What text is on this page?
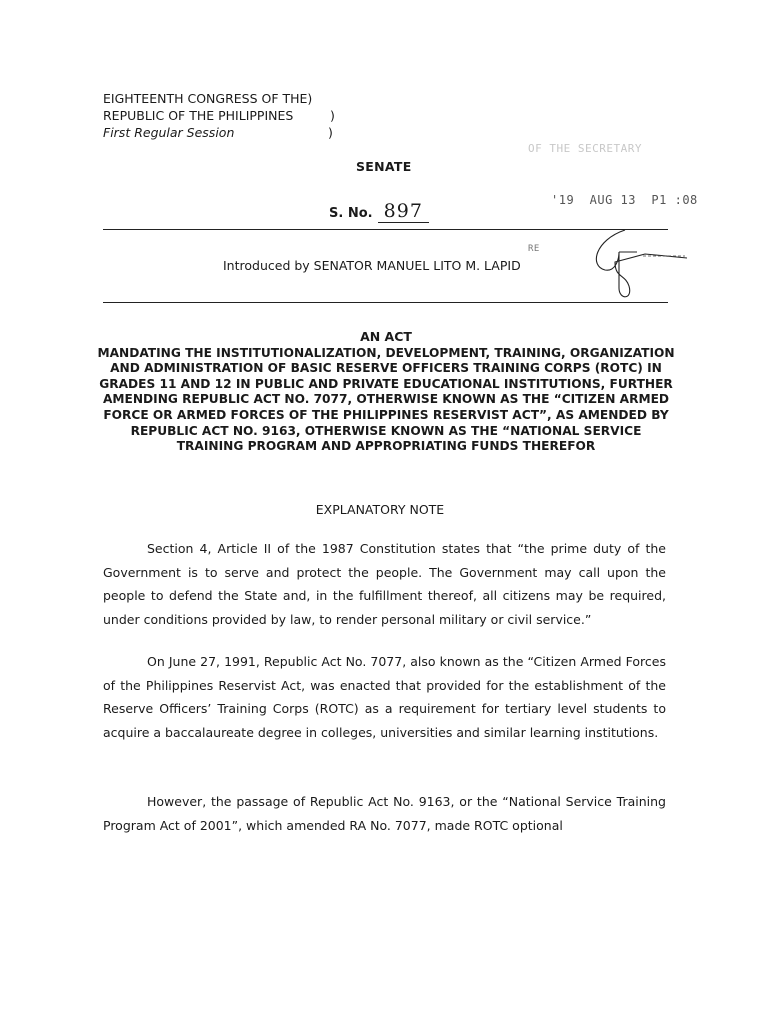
EIGHTEENTH CONGRESS OF THE)
REPUBLIC OF THE PHILIPPINES	)
First Regular Session	)
OF THE SECRETARY
SENATE
S. No. 897	'19  AUG 13  P1 :08
RE
Introduced by SENATOR MANUEL LITO M. LAPID
AN ACT
MANDATING THE INSTITUTIONALIZATION, DEVELOPMENT, TRAINING, ORGANIZATION AND ADMINISTRATION OF BASIC RESERVE OFFICERS TRAINING CORPS (ROTC) IN GRADES 11 AND 12 IN PUBLIC AND PRIVATE EDUCATIONAL INSTITUTIONS, FURTHER AMENDING REPUBLIC ACT NO. 7077, OTHERWISE KNOWN AS THE “CITIZEN ARMED FORCE OR ARMED FORCES OF THE PHILIPPINES RESERVIST ACT”, AS AMENDED BY REPUBLIC ACT NO. 9163, OTHERWISE KNOWN AS THE “NATIONAL SERVICE TRAINING PROGRAM AND APPROPRIATING FUNDS THEREFOR
EXPLANATORY NOTE
Section 4, Article II of the 1987 Constitution states that “the prime duty of the Government is to serve and protect the people. The Government may call upon the people to defend the State and, in the fulfillment thereof, all citizens may be required, under conditions provided by law, to render personal military or civil service.”
On June 27, 1991, Republic Act No. 7077, also known as the “Citizen Armed Forces of the Philippines Reservist Act, was enacted that provided for the establishment of the Reserve Officers’ Training Corps (ROTC) as a requirement for tertiary level students to acquire a baccalaureate degree in colleges, universities and similar learning institutions.
However, the passage of Republic Act No. 9163, or the “National Service Training Program Act of 2001”, which amended RA No. 7077, made ROTC optional
